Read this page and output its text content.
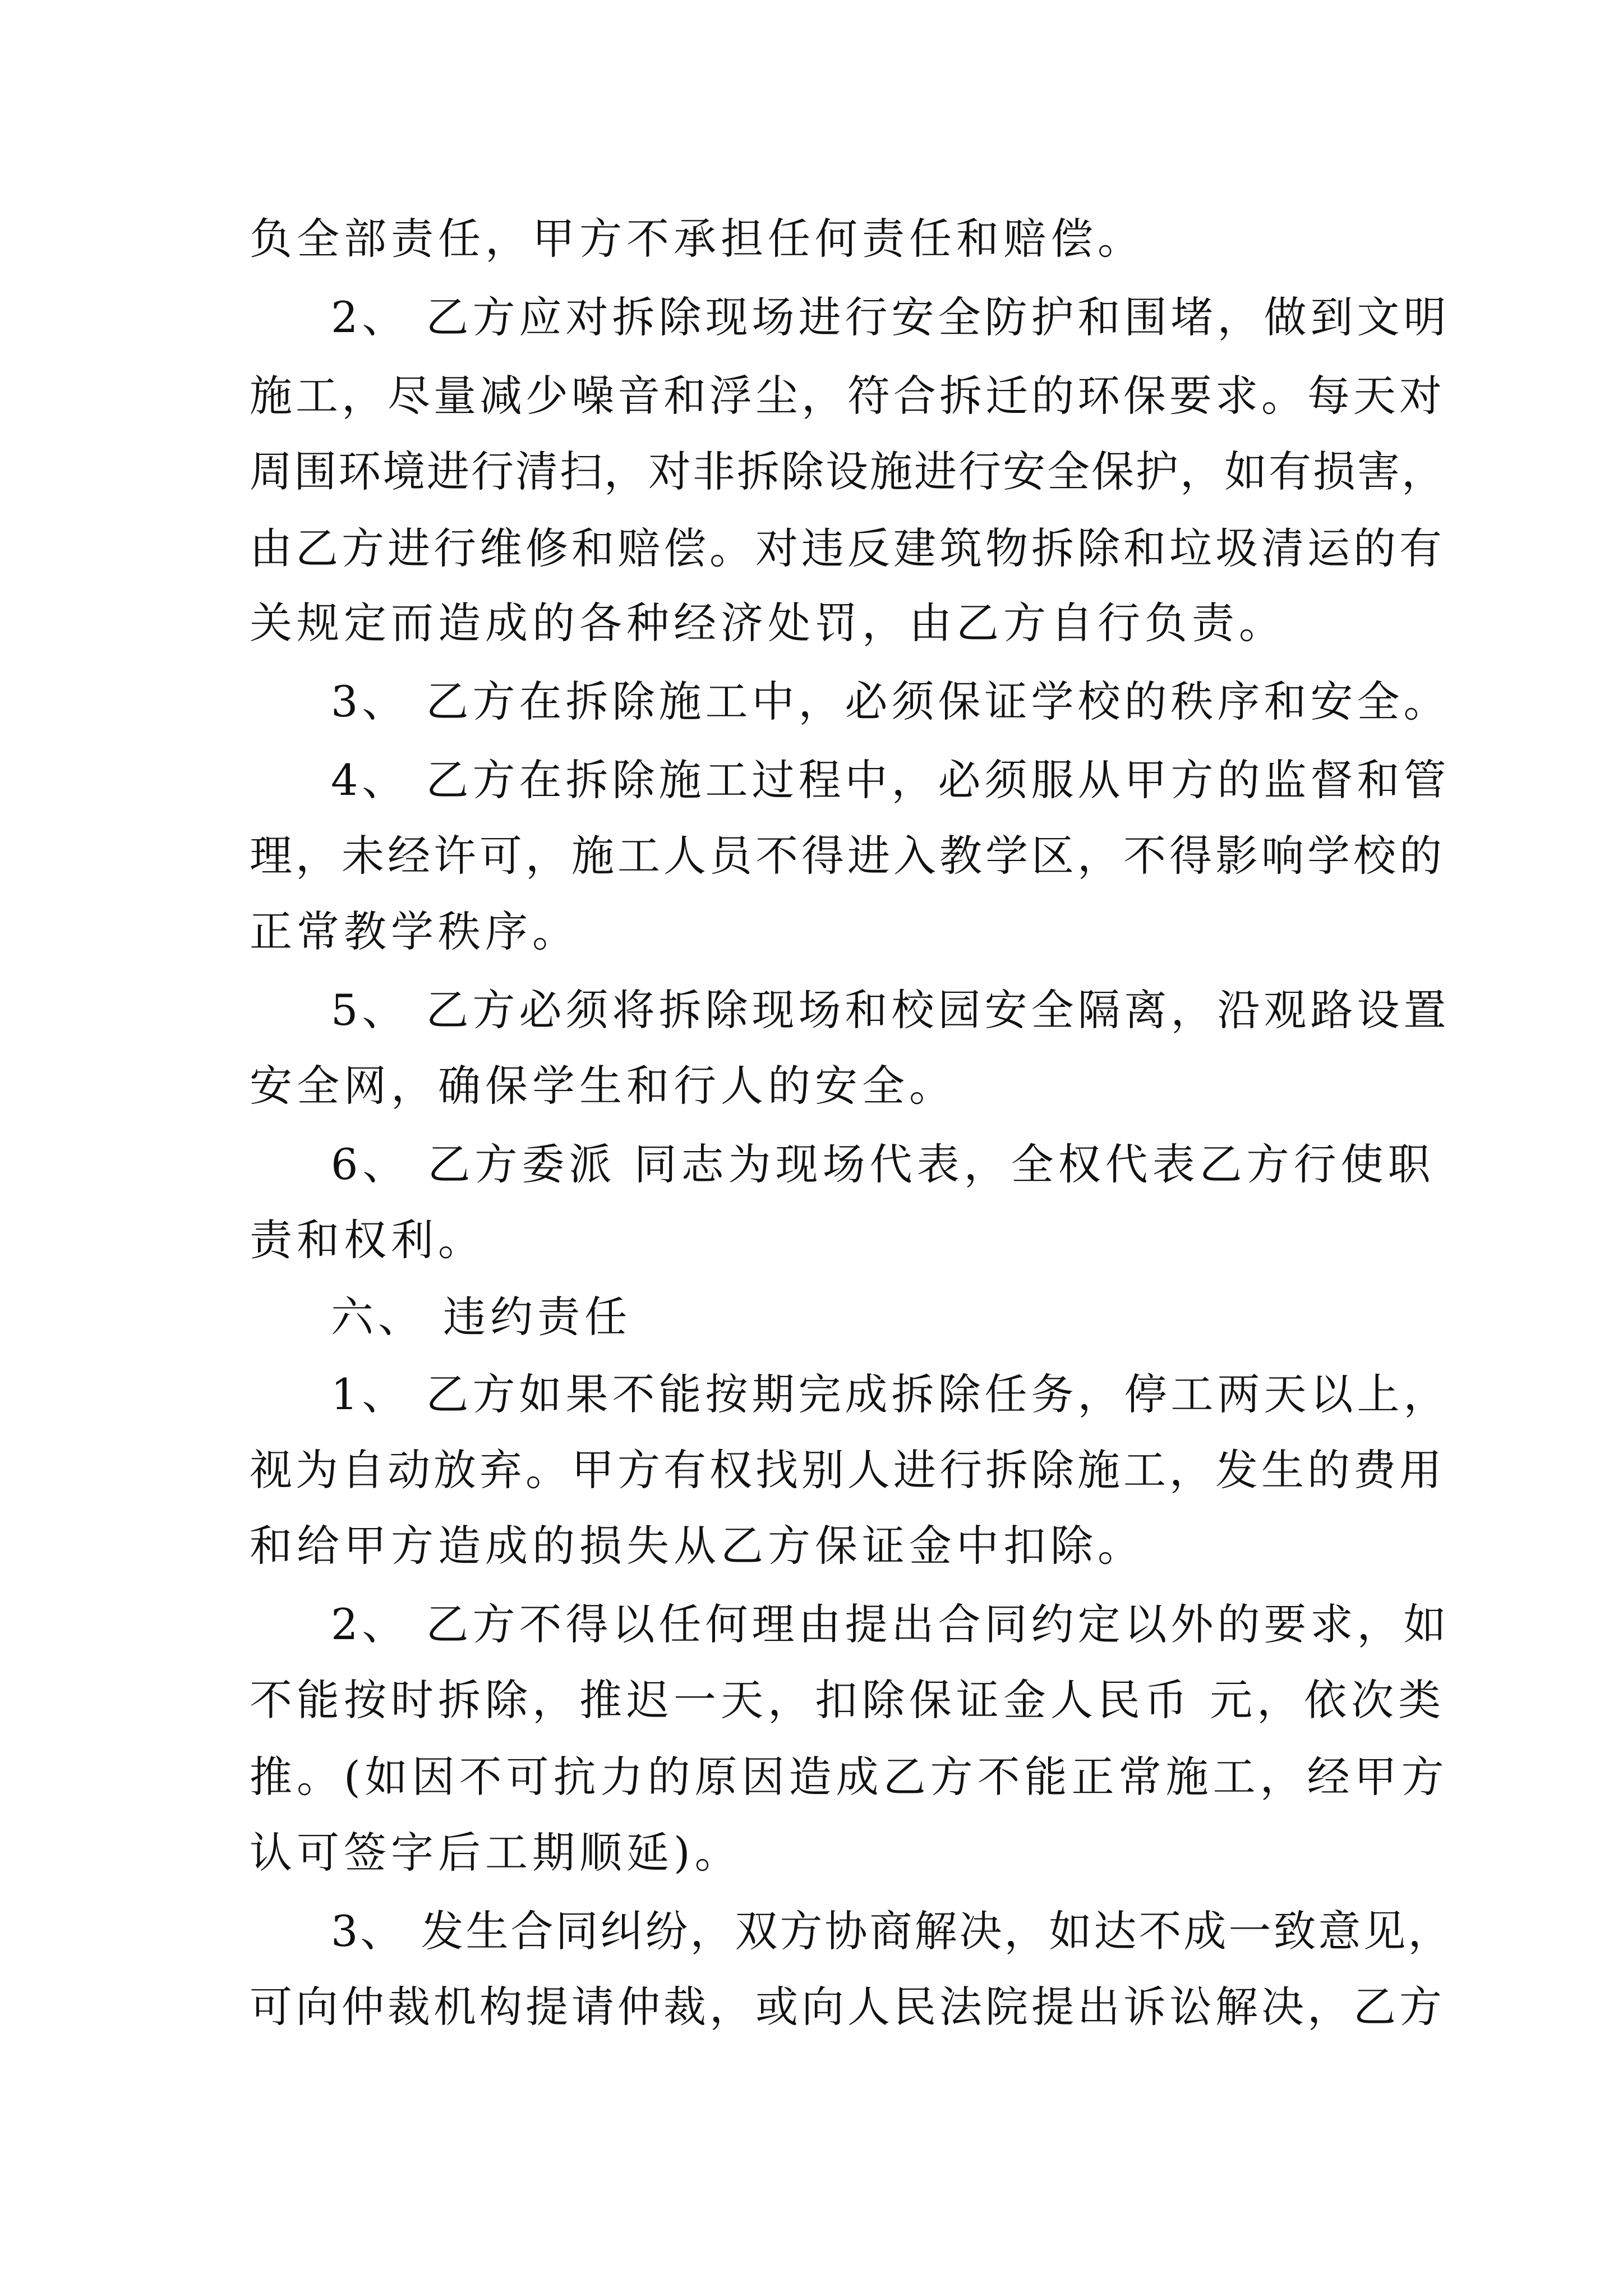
负全部责任，甲方不承担任何责任和赔偿。
2、 乙方应对拆除现场进行安全防护和围堵，做到文明
施工，尽量减少噪音和浮尘，符合拆迁的环保要求。每天对
周围环境进行清扫，对非拆除设施进行安全保护，如有损害，
由乙方进行维修和赔偿。对违反建筑物拆除和垃圾清运的有
关规定而造成的各种经济处罚，由乙方自行负责。
3、 乙方在拆除施工中，必须保证学校的秩序和安全。
4、 乙方在拆除施工过程中，必须服从甲方的监督和管
理，未经许可，施工人员不得进入教学区，不得影响学校的
正常教学秩序。
5、 乙方必须将拆除现场和校园安全隔离，沿观路设置
安全网，确保学生和行人的安全。
6、 乙方委派 同志为现场代表，全权代表乙方行使职
责和权利。
六、 违约责任
1、 乙方如果不能按期完成拆除任务，停工两天以上，
视为自动放弃。甲方有权找别人进行拆除施工，发生的费用
和给甲方造成的损失从乙方保证金中扣除。
2、 乙方不得以任何理由提出合同约定以外的要求，如
不能按时拆除，推迟一天，扣除保证金人民币 元，依次类
推。(如因不可抗力的原因造成乙方不能正常施工，经甲方
认可签字后工期顺延)。
3、 发生合同纠纷，双方协商解决，如达不成一致意见，
可向仲裁机构提请仲裁，或向人民法院提出诉讼解决，乙方
